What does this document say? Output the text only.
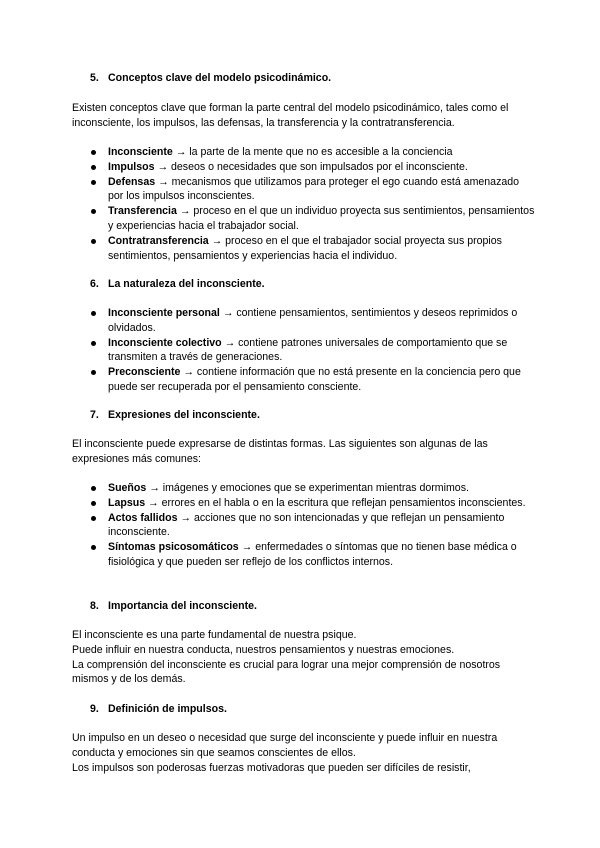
5. Conceptos clave del modelo psicodinámico.

Existen conceptos clave que forman la parte central del modelo psicodinámico, tales como el inconsciente, los impulsos, las defensas, la transferencia y la contratransferencia.

Inconsciente → la parte de la mente que no es accesible a la conciencia
Impulsos → deseos o necesidades que son impulsados por el inconsciente.
Defensas → mecanismos que utilizamos para proteger el ego cuando está amenazado por los impulsos inconscientes.
Transferencia → proceso en el que un individuo proyecta sus sentimientos, pensamientos y experiencias hacia el trabajador social.
Contratransferencia → proceso en el que el trabajador social proyecta sus propios sentimientos, pensamientos y experiencias hacia el individuo.
6. La naturaleza del inconsciente.
Inconsciente personal → contiene pensamientos, sentimientos y deseos reprimidos o olvidados.
Inconsciente colectivo → contiene patrones universales de comportamiento que se transmiten a través de generaciones.
Preconsciente → contiene información que no está presente en la conciencia pero que puede ser recuperada por el pensamiento consciente.
7. Expresiones del inconsciente.

El inconsciente puede expresarse de distintas formas. Las siguientes son algunas de las expresiones más comunes:

Sueños → imágenes y emociones que se experimentan mientras dormimos.
Lapsus → errores en el habla o en la escritura que reflejan pensamientos inconscientes.
Actos fallidos → acciones que no son intencionadas y que reflejan un pensamiento inconsciente.
Síntomas psicosomáticos → enfermedades o síntomas que no tienen base médica o fisiológica y que pueden ser reflejo de los conflictos internos.
8. Importancia del inconsciente.

El inconsciente es una parte fundamental de nuestra psique.

Puede influir en nuestra conducta, nuestros pensamientos y nuestras emociones.

La comprensión del inconsciente es crucial para lograr una mejor comprensión de nosotros mismos y de los demás.

9. Definición de impulsos.

Un impulso en un deseo o necesidad que surge del inconsciente y puede influir en nuestra conducta y emociones sin que seamos conscientes de ellos.

Los impulsos son poderosas fuerzas motivadoras que pueden ser difíciles de resistir,
